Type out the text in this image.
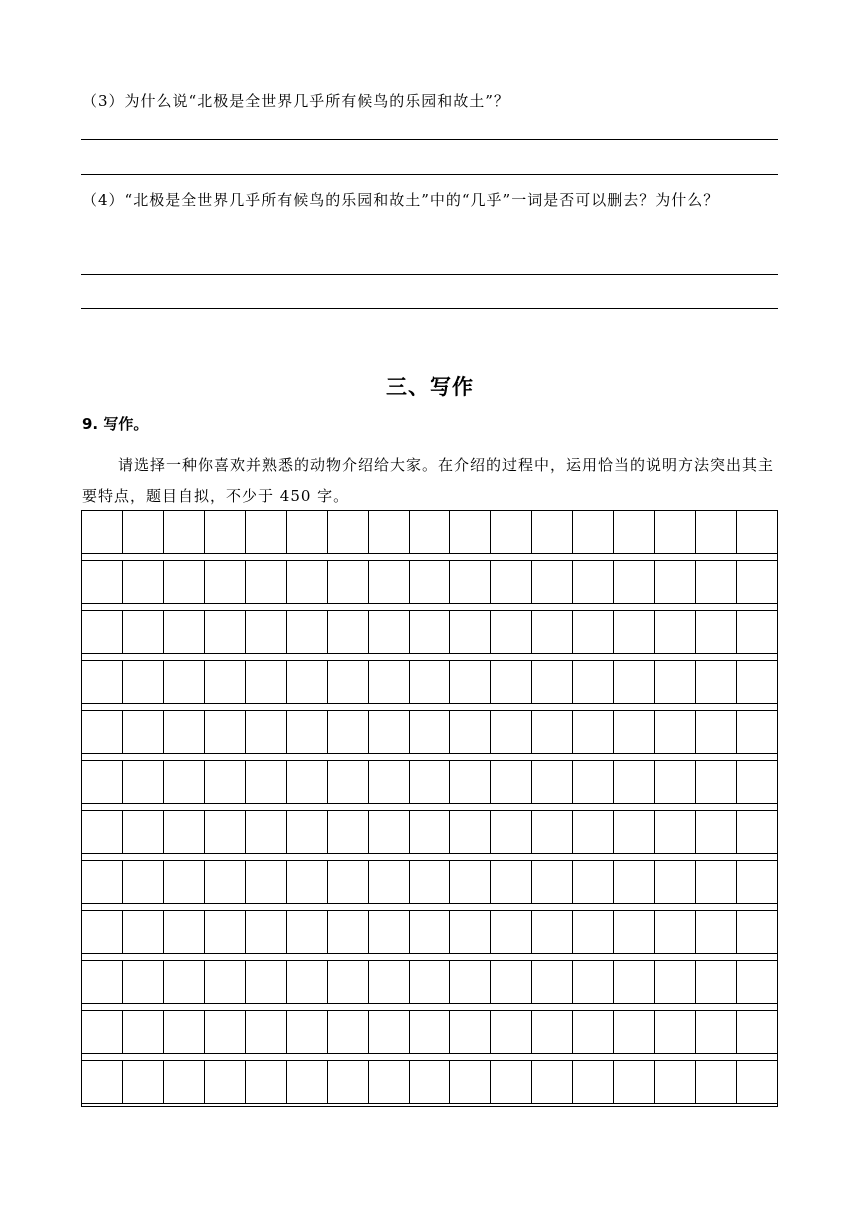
（3）为什么说“北极是全世界几乎所有候鸟的乐园和故土”？
（4）“北极是全世界几乎所有候鸟的乐园和故土”中的“几乎”一词是否可以删去？为什么？
三、写作
9. 写作。
请选择一种你喜欢并熟悉的动物介绍给大家。在介绍的过程中，运用恰当的说明方法突出其主要特点，题目自拟，不少于 450 字。
